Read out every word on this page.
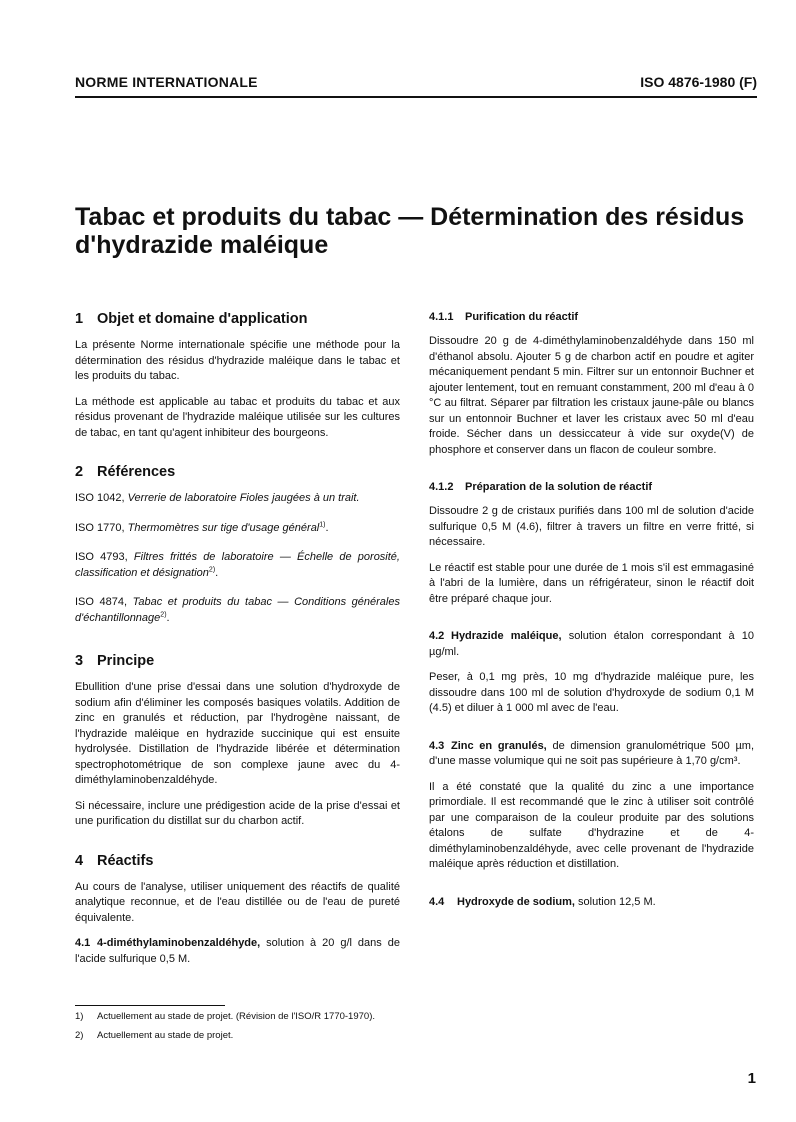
NORME INTERNATIONALE	ISO 4876-1980 (F)
Tabac et produits du tabac — Détermination des résidus d'hydrazide maléique
1 Objet et domaine d'application

La présente Norme internationale spécifie une méthode pour la détermination des résidus d'hydrazide maléique dans le tabac et les produits du tabac.

La méthode est applicable au tabac et produits du tabac et aux résidus provenant de l'hydrazide maléique utilisée sur les cultures de tabac, en tant qu'agent inhibiteur des bourgeons.

2 Références

ISO 1042, Verrerie de laboratoire Fioles jaugées à un trait.

ISO 1770, Thermomètres sur tige d'usage général$^{1)}$.

ISO 4793, Filtres frittés de laboratoire — Échelle de porosité, classification et désignation$^{2)}$.

ISO 4874, Tabac et produits du tabac — Conditions générales d'échantillonnage$^{2)}$.

3 Principe

Ebullition d'une prise d'essai dans une solution d'hydroxyde de sodium afin d'éliminer les composés basiques volatils. Addition de zinc en granulés et réduction, par l'hydrogène naissant, de l'hydrazide maléique en hydrazide succinique qui est ensuite hydrolysée. Distillation de l'hydrazide libérée et détermination spectrophotométrique de son complexe jaune avec du 4-diméthylaminobenzaldéhyde.

Si nécessaire, inclure une prédigestion acide de la prise d'essai et une purification du distillat sur du charbon actif.

4 Réactifs

Au cours de l'analyse, utiliser uniquement des réactifs de qualité analytique reconnue, et de l'eau distillée ou de l'eau de pureté équivalente.

4.1 4-diméthylaminobenzaldéhyde, solution à 20 g/l dans de l'acide sulfurique 0,5 M.

4.1.1 Purification du réactif

Dissoudre 20 g de 4-diméthylaminobenzaldéhyde dans 150 ml d'éthanol absolu. Ajouter 5 g de charbon actif en poudre et agiter mécaniquement pendant 5 min. Filtrer sur un entonnoir Buchner et ajouter lentement, tout en remuant constamment, 200 ml d'eau à 0 °C au filtrat. Séparer par filtration les cristaux jaune-pâle ou blancs sur un entonnoir Buchner et laver les cristaux avec 50 ml d'eau froide. Sécher dans un dessiccateur à vide sur oxyde(V) de phosphore et conserver dans un flacon de couleur sombre.

4.1.2 Préparation de la solution de réactif

Dissoudre 2 g de cristaux purifiés dans 100 ml de solution d'acide sulfurique 0,5 M (4.6), filtrer à travers un filtre en verre fritté, si nécessaire.

Le réactif est stable pour une durée de 1 mois s'il est emmagasiné à l'abri de la lumière, dans un réfrigérateur, sinon le réactif doit être préparé chaque jour.

4.2 Hydrazide maléique, solution étalon correspondant à 10 µg/ml.

Peser, à 0,1 mg près, 10 mg d'hydrazide maléique pure, les dissoudre dans 100 ml de solution d'hydroxyde de sodium 0,1 M (4.5) et diluer à 1 000 ml avec de l'eau.

4.3 Zinc en granulés, de dimension granulométrique 500 µm, d'une masse volumique qui ne soit pas supérieure à 1,70 g/cm³.

Il a été constaté que la qualité du zinc a une importance primordiale. Il est recommandé que le zinc à utiliser soit contrôlé par une comparaison de la couleur produite par des solutions étalons de sulfate d'hydrazine et de 4-diméthylaminobenzaldéhyde, avec celle provenant de l'hydrazide maléique après réduction et distillation.

4.4 Hydroxyde de sodium, solution 12,5 M.

1) Actuellement au stade de projet. (Révision de l'ISO/R 1770-1970).
2) Actuellement au stade de projet.
1
